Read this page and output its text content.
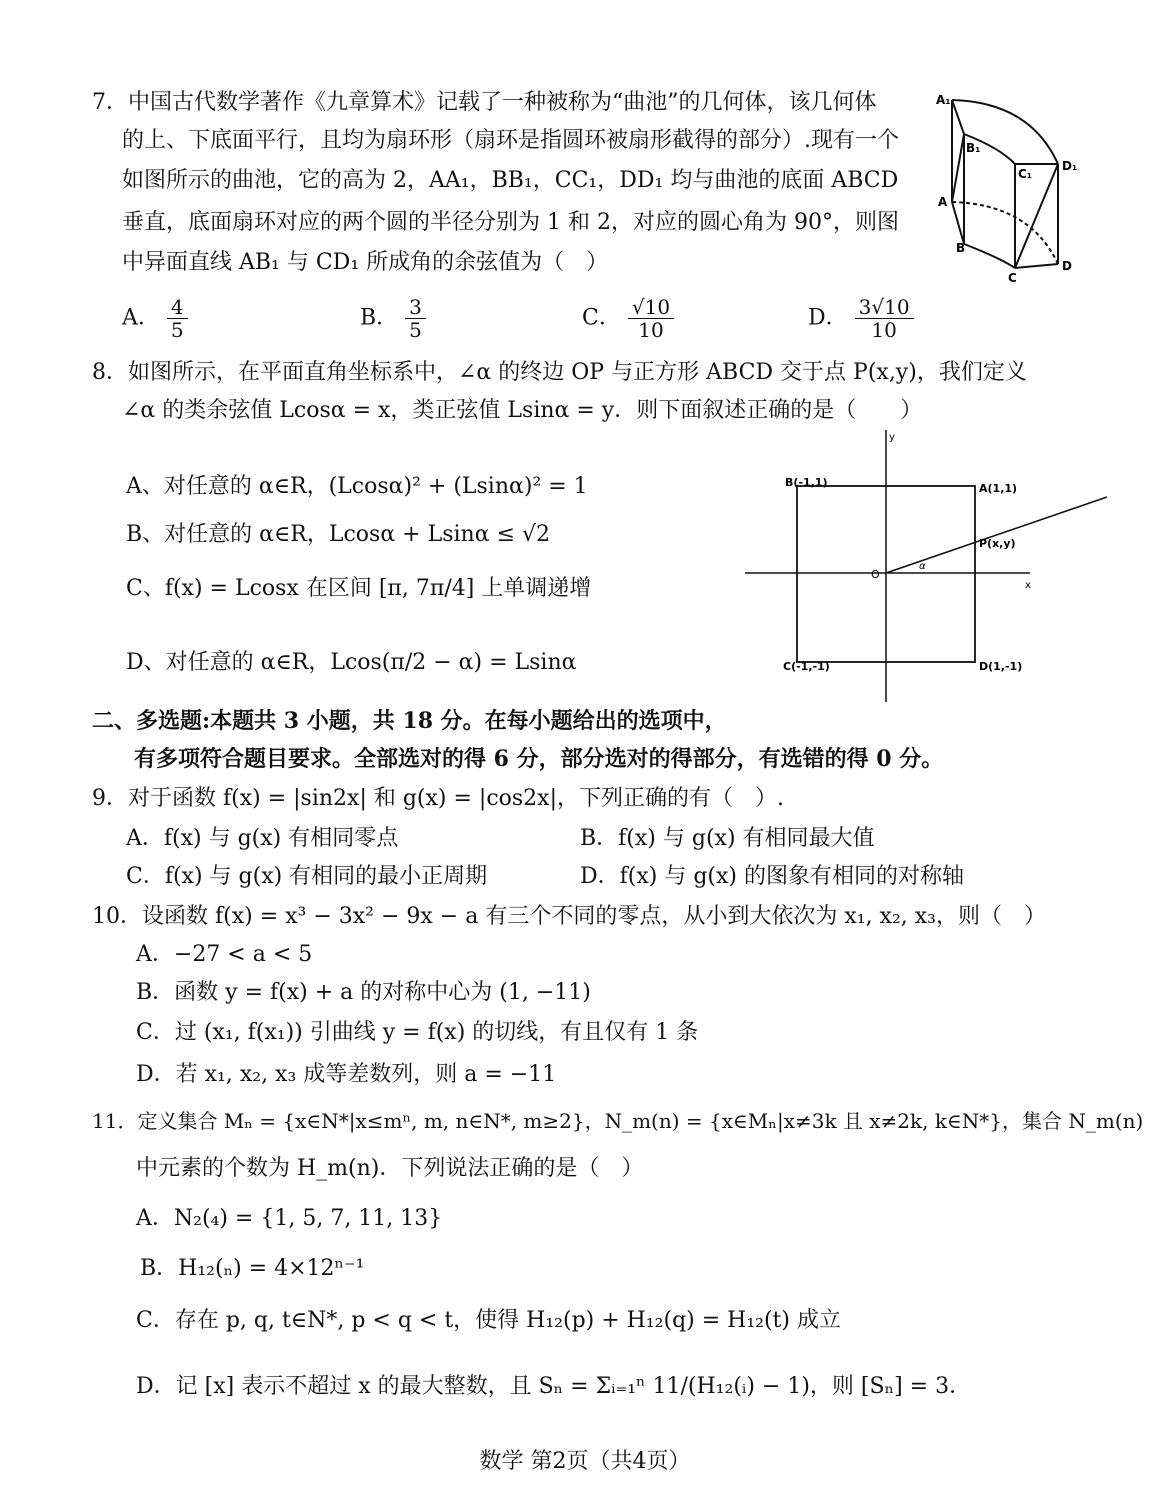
7．中国古代数学著作《九章算术》记载了一种被称为“曲池”的几何体，该几何体
的上、下底面平行，且均为扇环形（扇环是指圆环被扇形截得的部分）.现有一个
如图所示的曲池，它的高为 2，AA₁，BB₁，CC₁，DD₁ 均与曲池的底面 ABCD
垂直，底面扇环对应的两个圆的半径分别为 1 和 2，对应的圆心角为 90°，则图
中异面直线 AB₁ 与 CD₁ 所成角的余弦值为（　）
A． $\frac{4}{5}$	B． $\frac{3}{5}$	C． $\frac{√10}{10}$	D． $\frac{3√10}{10}$
A₁
B₁
C₁
D₁
A
B
C
D
8．如图所示，在平面直角坐标系中，∠α 的终边 OP 与正方形 ABCD 交于点 P(x,y)，我们定义
∠α 的类余弦值 Lcosα = x，类正弦值 Lsinα = y．则下面叙述正确的是（　　）
A、对任意的 α∈R，(Lcosα)² + (Lsinα)² = 1
B、对任意的 α∈R，Lcosα + Lsinα ≤ √2
C、f(x) = Lcosx 在区间 [π, 7π/4] 上单调递增
D、对任意的 α∈R，Lcos(π/2 − α) = Lsinα
y
x
O
α
B(-1,1)	A(1,1)
P(x,y)
C(-1,-1)	D(1,-1)
二、多选题:本题共 3 小题，共 18 分。在每小题给出的选项中，
有多项符合题目要求。全部选对的得 6 分，部分选对的得部分，有选错的得 0 分。
9．对于函数 f(x) = |sin2x| 和 g(x) = |cos2x|，下列正确的有（　）.
A．f(x) 与 g(x) 有相同零点	B．f(x) 与 g(x) 有相同最大值
C．f(x) 与 g(x) 有相同的最小正周期	D．f(x) 与 g(x) 的图象有相同的对称轴
10．设函数 f(x) = x³ − 3x² − 9x − a 有三个不同的零点，从小到大依次为 x₁, x₂, x₃，则（　）
A．−27 < a < 5
B．函数 y = f(x) + a 的对称中心为 (1, −11)
C．过 (x₁, f(x₁)) 引曲线 y = f(x) 的切线，有且仅有 1 条
D．若 x₁, x₂, x₃ 成等差数列，则 a = −11
11．定义集合 Mₙ = {x∈N*|x≤mⁿ, m, n∈N*, m≥2}，N_m(n) = {x∈Mₙ|x≠3k 且 x≠2k, k∈N*}，集合 N_m(n)
中元素的个数为 H_m(n)．下列说法正确的是（　）
A．N₂(₄) = {1, 5, 7, 11, 13}
B．H₁₂(ₙ) = 4×12ⁿ⁻¹
C．存在 p, q, t∈N*, p < q < t，使得 H₁₂(p) + H₁₂(q) = H₁₂(t) 成立
D．记 [x] 表示不超过 x 的最大整数，且 Sₙ = Σᵢ₌₁ⁿ 11/(H₁₂(ᵢ) − 1)，则 [Sₙ] = 3．
数学 第2页（共4页）
